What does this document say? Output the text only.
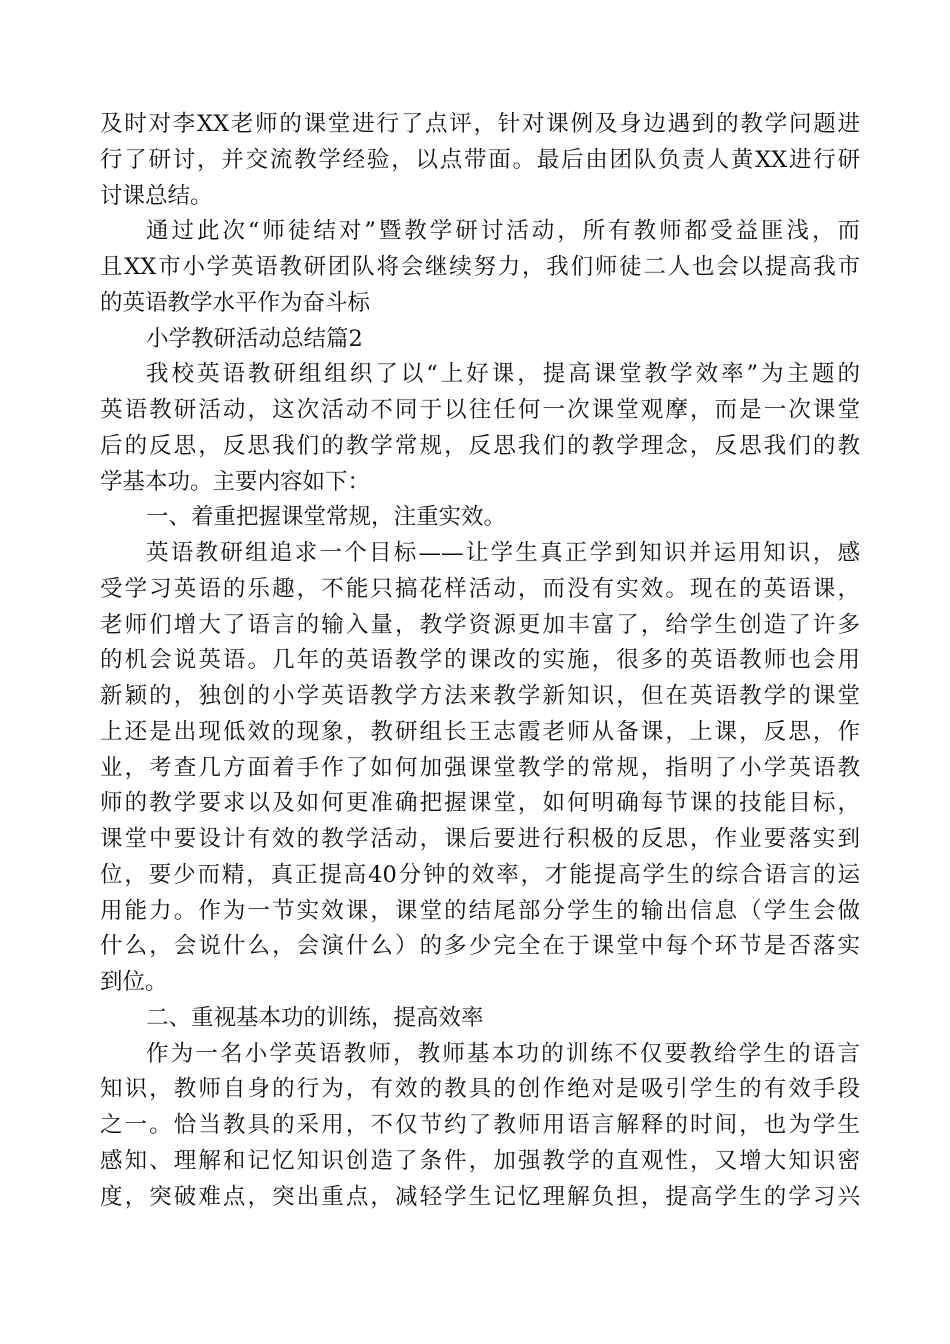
及时对李XX老师的课堂进行了点评，针对课例及身边遇到的教学问题进
行了研讨，并交流教学经验，以点带面。最后由团队负责人黄XX进行研
讨课总结。
通过此次“师徒结对”暨教学研讨活动，所有教师都受益匪浅，而
且XX市小学英语教研团队将会继续努力，我们师徒二人也会以提高我市
的英语教学水平作为奋斗标
小学教研活动总结篇2
我校英语教研组组织了以“上好课，提高课堂教学效率”为主题的
英语教研活动，这次活动不同于以往任何一次课堂观摩，而是一次课堂
后的反思，反思我们的教学常规，反思我们的教学理念，反思我们的教
学基本功。主要内容如下：
一、着重把握课堂常规，注重实效。
英语教研组追求一个目标——让学生真正学到知识并运用知识，感
受学习英语的乐趣，不能只搞花样活动，而没有实效。现在的英语课，
老师们增大了语言的输入量，教学资源更加丰富了，给学生创造了许多
的机会说英语。几年的英语教学的课改的实施，很多的英语教师也会用
新颖的，独创的小学英语教学方法来教学新知识，但在英语教学的课堂
上还是出现低效的现象，教研组长王志霞老师从备课，上课，反思，作
业，考查几方面着手作了如何加强课堂教学的常规，指明了小学英语教
师的教学要求以及如何更准确把握课堂，如何明确每节课的技能目标，
课堂中要设计有效的教学活动，课后要进行积极的反思，作业要落实到
位，要少而精，真正提高40分钟的效率，才能提高学生的综合语言的运
用能力。作为一节实效课，课堂的结尾部分学生的输出信息（学生会做
什么，会说什么，会演什么）的多少完全在于课堂中每个环节是否落实
到位。
二、重视基本功的训练，提高效率
作为一名小学英语教师，教师基本功的训练不仅要教给学生的语言
知识，教师自身的行为，有效的教具的创作绝对是吸引学生的有效手段
之一。恰当教具的采用，不仅节约了教师用语言解释的时间，也为学生
感知、理解和记忆知识创造了条件，加强教学的直观性，又增大知识密
度，突破难点，突出重点，减轻学生记忆理解负担，提高学生的学习兴
